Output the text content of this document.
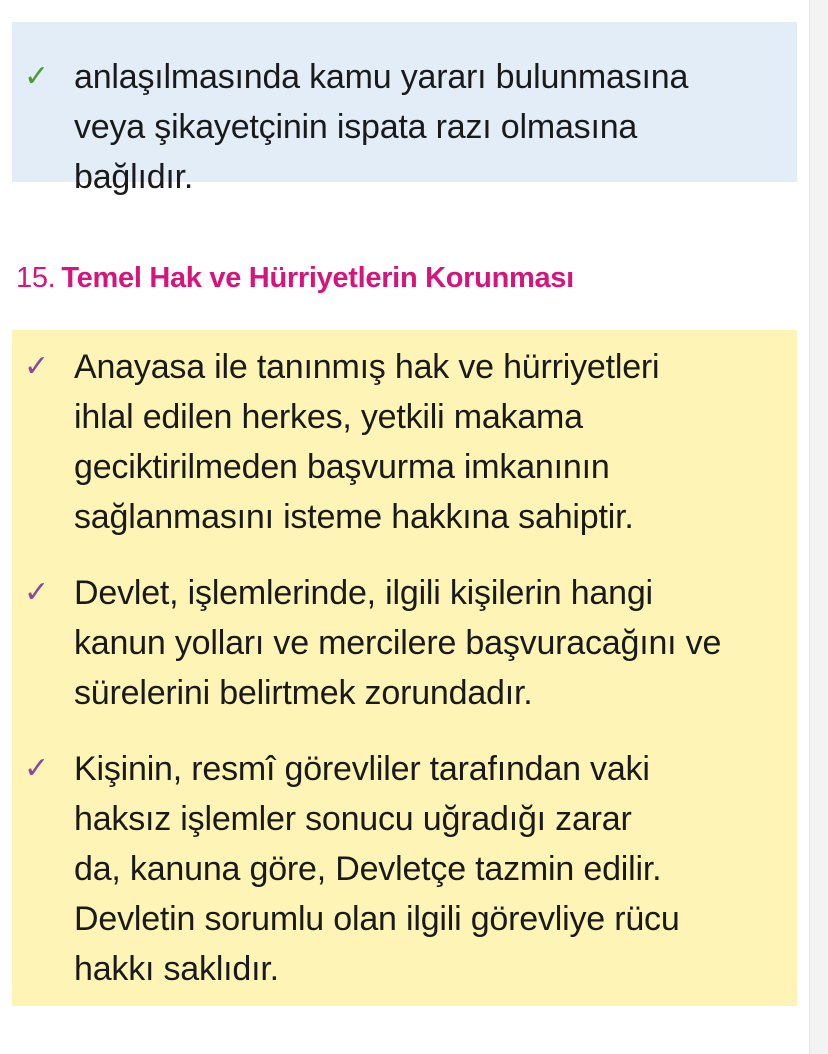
✓ anlaşılmasında kamu yararı bulunmasına
veya şikayetçinin ispata razı olmasına
bağlıdır.
15. Temel Hak ve Hürriyetlerin Korunması
✓ Anayasa ile tanınmış hak ve hürriyetleri
ihlal edilen herkes, yetkili makama
geciktirilmeden başvurma imkanının
sağlanmasını isteme hakkına sahiptir.
✓ Devlet, işlemlerinde, ilgili kişilerin hangi
kanun yolları ve mercilere başvuracağını ve
sürelerini belirtmek zorundadır.
✓ Kişinin, resmî görevliler tarafından vaki
haksız işlemler sonucu uğradığı zarar
da, kanuna göre, Devletçe tazmin edilir.
Devletin sorumlu olan ilgili görevliye rücu
hakkı saklıdır.
